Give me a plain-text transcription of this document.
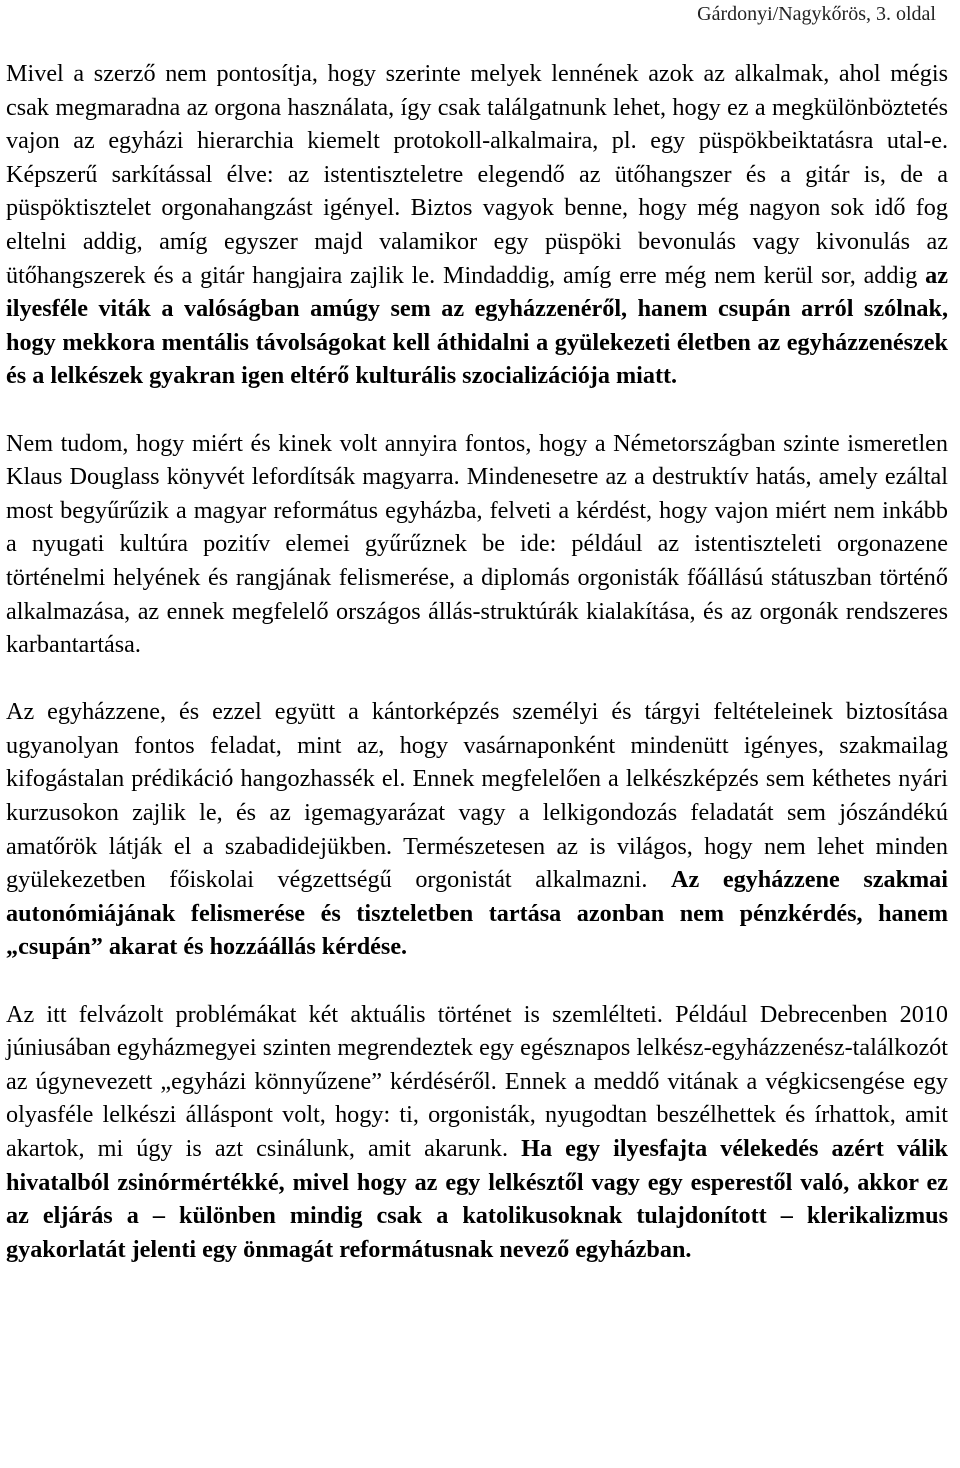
Gárdonyi/Nagykőrös, 3. oldal

Mivel a szerző nem pontosítja, hogy szerinte melyek lennének azok az alkalmak, ahol mégis csak megmaradna az orgona használata, így csak találgatnunk lehet, hogy ez a megkülönböztetés vajon az egyházi hierarchia kiemelt protokoll-alkalmaira, pl. egy püspökbeiktatásra utal-e. Képszerű sarkítással élve: az istentiszteletre elegendő az ütőhangszer és a gitár is, de a püspöktisztelet orgonahangzást igényel. Biztos vagyok benne, hogy még nagyon sok idő fog eltelni addig, amíg egyszer majd valamikor egy püspöki bevonulás vagy kivonulás az ütőhangszerek és a gitár hangjaira zajlik le. Mindaddig, amíg erre még nem kerül sor, addig az ilyesféle viták a valóságban amúgy sem az egyházzenéről, hanem csupán arról szólnak, hogy mekkora mentális távolságokat kell áthidalni a gyülekezeti életben az egyházzenészek és a lelkészek gyakran igen eltérő kulturális szocializációja miatt.

Nem tudom, hogy miért és kinek volt annyira fontos, hogy a Németországban szinte ismeretlen Klaus Douglass könyvét lefordítsák magyarra. Mindenesetre az a destruktív hatás, amely ezáltal most begyűrűzik a magyar református egyházba, felveti a kérdést, hogy vajon miért nem inkább a nyugati kultúra pozitív elemei gyűrűznek be ide: például az istentiszteleti orgonazene történelmi helyének és rangjának felismerése, a diplomás orgonisták főállású státuszban történő alkalmazása, az ennek megfelelő országos állás-struktúrák kialakítása, és az orgonák rendszeres karbantartása.

Az egyházzene, és ezzel együtt a kántorképzés személyi és tárgyi feltételeinek biztosítása ugyanolyan fontos feladat, mint az, hogy vasárnaponként mindenütt igényes, szakmailag kifogástalan prédikáció hangozhassék el. Ennek megfelelően a lelkészképzés sem kéthetes nyári kurzusokon zajlik le, és az igemagyarázat vagy a lelkigondozás feladatát sem jószándékú amatőrök látják el a szabadidejükben. Természetesen az is világos, hogy nem lehet minden gyülekezetben főiskolai végzettségű orgonistát alkalmazni. Az egyházzene szakmai autonómiájának felismerése és tiszteletben tartása azonban nem pénzkérdés, hanem „csupán” akarat és hozzáállás kérdése.

Az itt felvázolt problémákat két aktuális történet is szemlélteti. Például Debrecenben 2010 júniusában egyházmegyei szinten megrendeztek egy egésznapos lelkész-egyházzenész-találkozót az úgynevezett „egyházi könnyűzene” kérdéséről. Ennek a meddő vitának a végkicsengése egy olyasféle lelkészi álláspont volt, hogy: ti, orgonisták, nyugodtan beszélhettek és írhattok, amit akartok, mi úgy is azt csinálunk, amit akarunk. Ha egy ilyesfajta vélekedés azért válik hivatalból zsinórmértékké, mivel hogy az egy lelkésztől vagy egy esperestől való, akkor ez az eljárás a – különben mindig csak a katolikusoknak tulajdonított – klerikalizmus gyakorlatát jelenti egy önmagát reformátusnak nevező egyházban.
